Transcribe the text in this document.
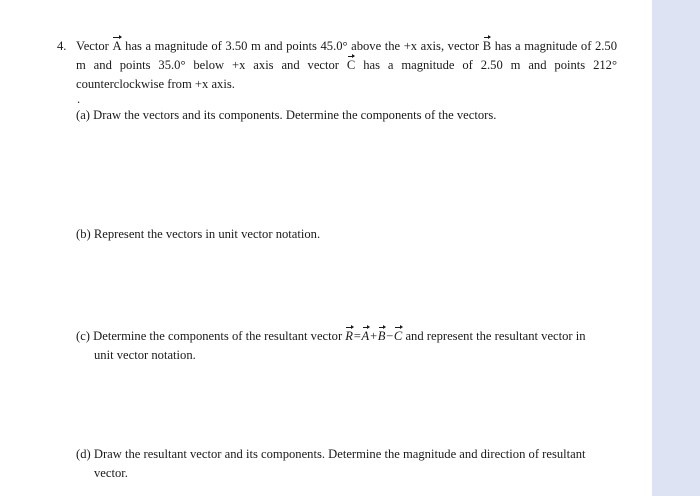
4. Vector A has a magnitude of 3.50 m and points 45.0° above the +x axis, vector B has a magnitude of 2.50 m and points 35.0° below +x axis and vector C has a magnitude of 2.50 m and points 212° counterclockwise from +x axis.
.
(a) Draw the vectors and its components. Determine the components of the vectors.
(b) Represent the vectors in unit vector notation.
(c) Determine the components of the resultant vector R=A+B−C and represent the resultant vector in
unit vector notation.
(d) Draw the resultant vector and its components. Determine the magnitude and direction of resultant
vector.
